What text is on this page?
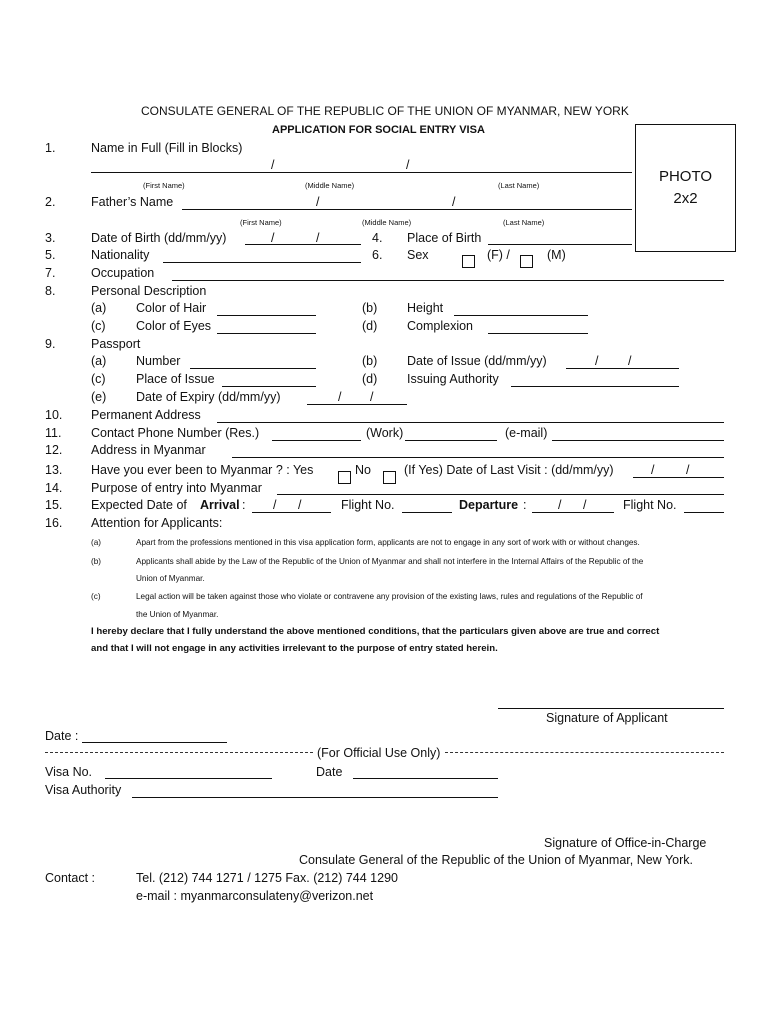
CONSULATE GENERAL OF THE REPUBLIC OF THE UNION OF MYANMAR, NEW YORK
APPLICATION FOR SOCIAL ENTRY VISA
PHOTO
2x2
1.	Name in Full (Fill in Blocks)
/	/
(First Name)	(Middle Name)	(Last Name)
2.	Father’s Name	/	/
(First Name)	(Middle Name)	(Last Name)
3.	Date of Birth (dd/mm/yy)	/	/	4. Place of Birth
5.	Nationality	6. Sex	(F) /	(M)
7.	Occupation
8.	Personal Description
(a) Color of Hair	(b) Height
(c) Color of Eyes	(d) Complexion
9.	Passport
(a) Number	(b) Date of Issue (dd/mm/yy)	/ /
(c) Place of Issue	(d) Issuing Authority
(e) Date of Expiry (dd/mm/yy)	/ /
10. Permanent Address
11. Contact Phone Number (Res.)	(Work)	(e-mail)
12. Address in Myanmar
13. Have you ever been to Myanmar ? : Yes	No	(If Yes) Date of Last Visit : (dd/mm/yy)	/	/
14. Purpose of entry into Myanmar
15. Expected Date of Arrival : / /	Flight No.	Departure :	/ /	Flight No.
16. Attention for Applicants:
(a)	Apart from the professions mentioned in this visa application form, applicants are not to engage in any sort of work with or without changes.
(b)	Applicants shall abide by the Law of the Republic of the Union of Myanmar and shall not interfere in the Internal Affairs of the Republic of the
Union of Myanmar.
(c)	Legal action will be taken against those who violate or contravene any provision of the existing laws, rules and regulations of the Republic of
the Union of Myanmar.
I hereby declare that I fully understand the above mentioned conditions, that the particulars given above are true and correct
and that I will not engage in any activities irrelevant to the purpose of entry stated herein.
Signature of Applicant
Date :
(For Official Use Only)
Visa No.	Date
Visa Authority
Signature of Office-in-Charge
Consulate General of the Republic of the Union of Myanmar, New York.
Contact :	Tel. (212) 744 1271 / 1275 Fax. (212) 744 1290
e-mail : myanmarconsulateny@verizon.net
